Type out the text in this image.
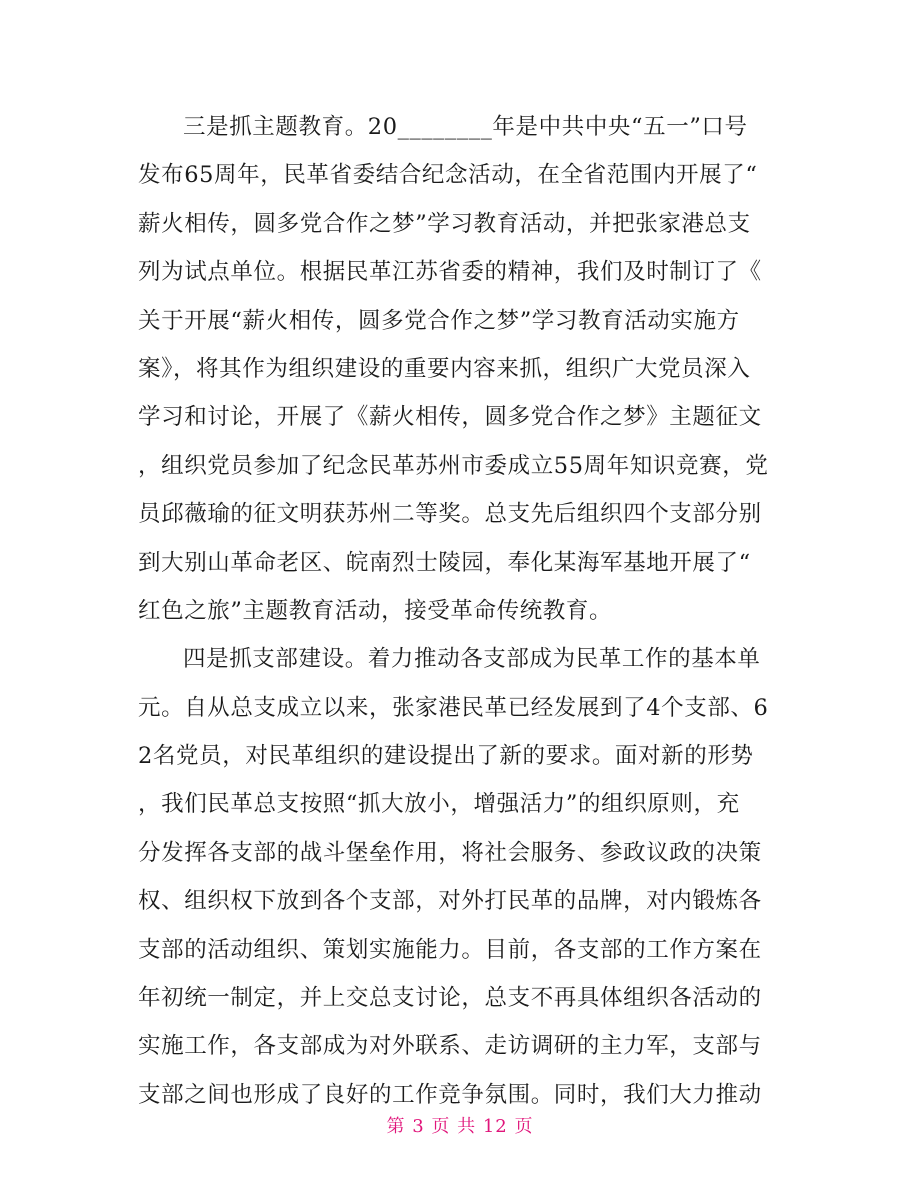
三是抓主题教育。20________年是中共中央“五一”口号
发布65周年，民革省委结合纪念活动，在全省范围内开展了“
薪火相传，圆多党合作之梦”学习教育活动，并把张家港总支
列为试点单位。根据民革江苏省委的精神，我们及时制订了《
关于开展“薪火相传，圆多党合作之梦”学习教育活动实施方
案》，将其作为组织建设的重要内容来抓，组织广大党员深入
学习和讨论，开展了《薪火相传，圆多党合作之梦》主题征文
，组织党员参加了纪念民革苏州市委成立55周年知识竞赛，党
员邱薇瑜的征文明获苏州二等奖。总支先后组织四个支部分别
到大别山革命老区、皖南烈士陵园，奉化某海军基地开展了“
红色之旅”主题教育活动，接受革命传统教育。
四是抓支部建设。着力推动各支部成为民革工作的基本单
元。自从总支成立以来，张家港民革已经发展到了4个支部、6
2名党员，对民革组织的建设提出了新的要求。面对新的形势
，我们民革总支按照“抓大放小，增强活力”的组织原则，充
分发挥各支部的战斗堡垒作用，将社会服务、参政议政的决策
权、组织权下放到各个支部，对外打民革的品牌，对内锻炼各
支部的活动组织、策划实施能力。目前，各支部的工作方案在
年初统一制定，并上交总支讨论，总支不再具体组织各活动的
实施工作，各支部成为对外联系、走访调研的主力军，支部与
支部之间也形成了良好的工作竞争氛围。同时，我们大力推动
第 3 页 共 12 页
